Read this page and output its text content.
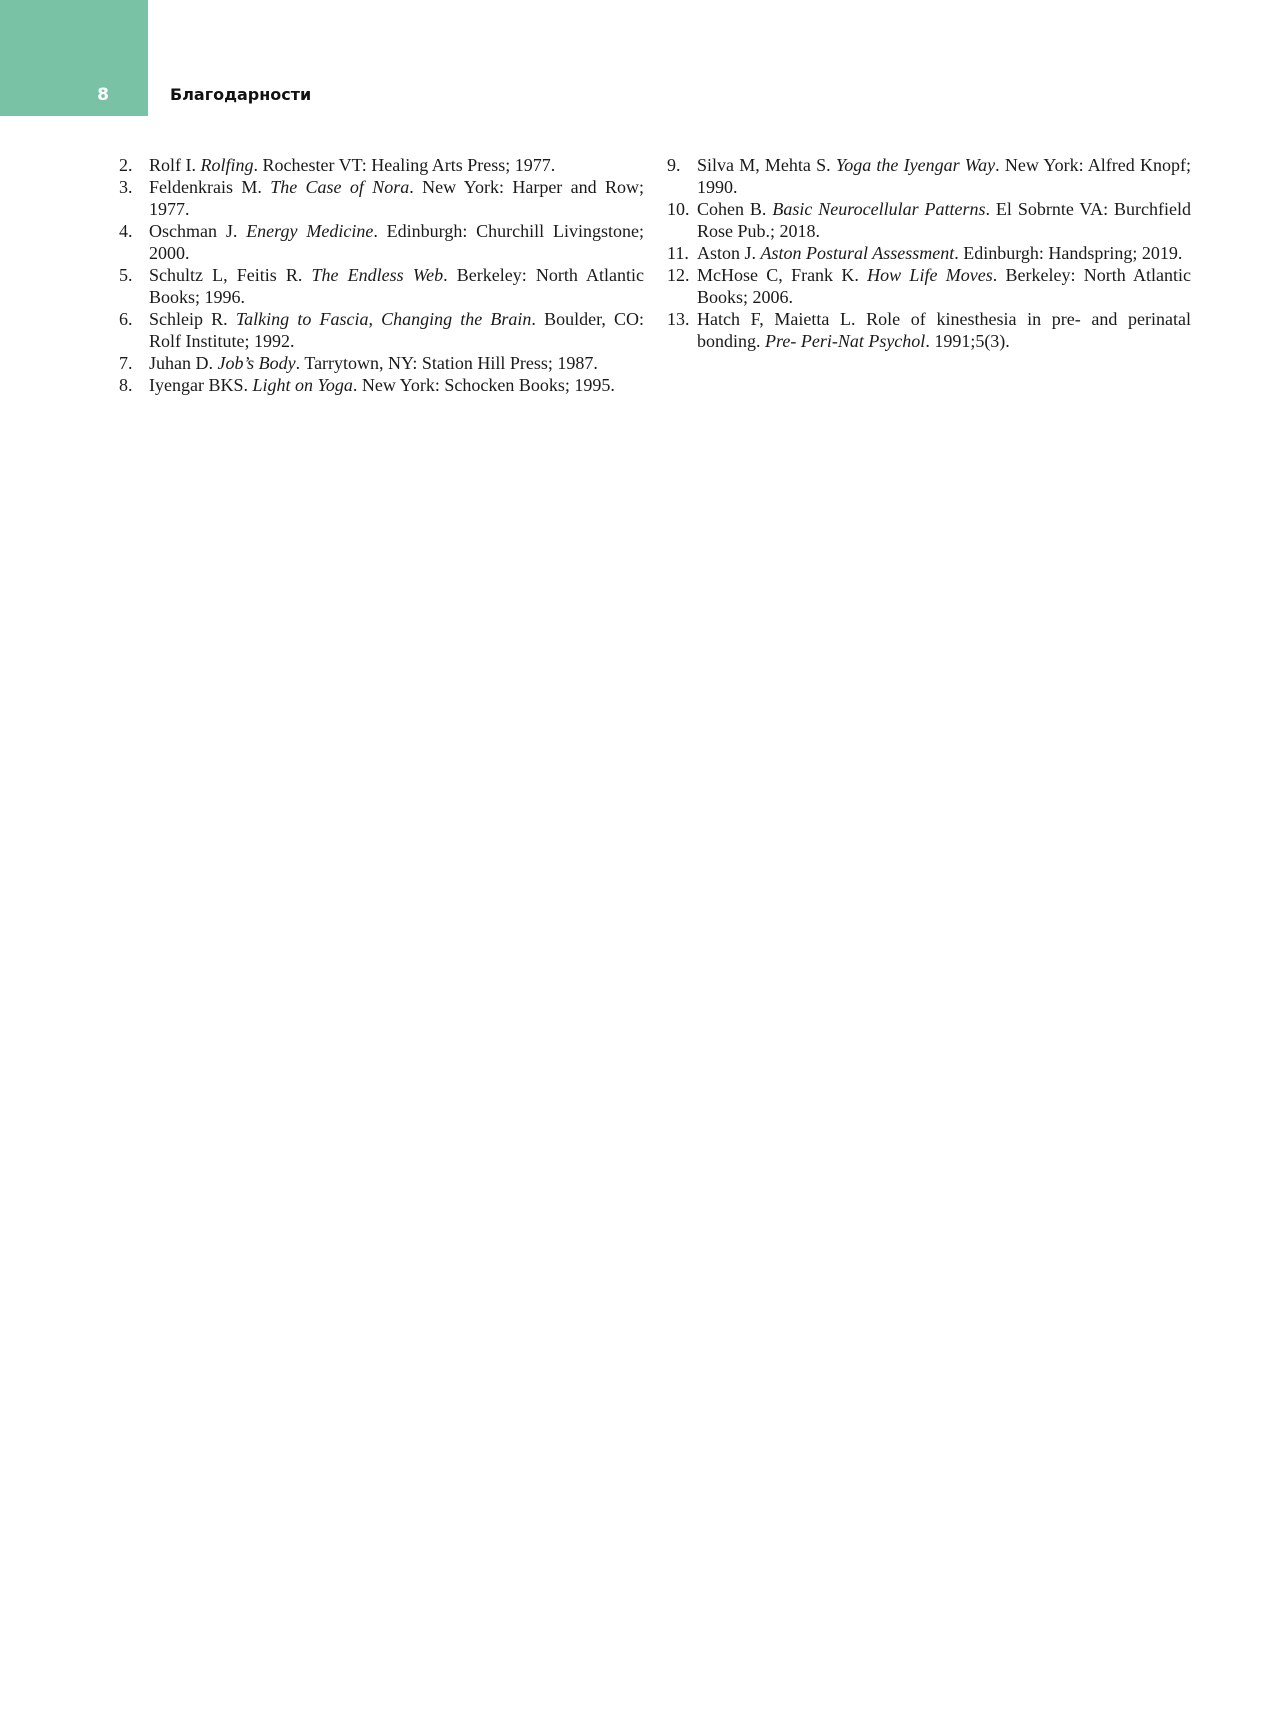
8	Благодарности
2. Rolf I. Rolfing. Rochester VT: Healing Arts Press; 1977.
3. Feldenkrais M. The Case of Nora. New York: Harper and Row; 1977.
4. Oschman J. Energy Medicine. Edinburgh: Churchill Livingstone; 2000.
5. Schultz L, Feitis R. The Endless Web. Berkeley: North Atlantic Books; 1996.
6. Schleip R. Talking to Fascia, Changing the Brain. Boulder, CO: Rolf Institute; 1992.
7. Juhan D. Job’s Body. Tarrytown, NY: Station Hill Press; 1987.
8. Iyengar BKS. Light on Yoga. New York: Schocken Books; 1995.
9. Silva M, Mehta S. Yoga the Iyengar Way. New York: Alfred Knopf; 1990.
10. Cohen B. Basic Neurocellular Patterns. El Sobrnte VA: Burchfield Rose Pub.; 2018.
11. Aston J. Aston Postural Assessment. Edinburgh: Handspring; 2019.
12. McHose C, Frank K. How Life Moves. Berkeley: North Atlantic Books; 2006.
13. Hatch F, Maietta L. Role of kinesthesia in pre- and perinatal bonding. Pre- Peri-Nat Psychol. 1991;5(3).
